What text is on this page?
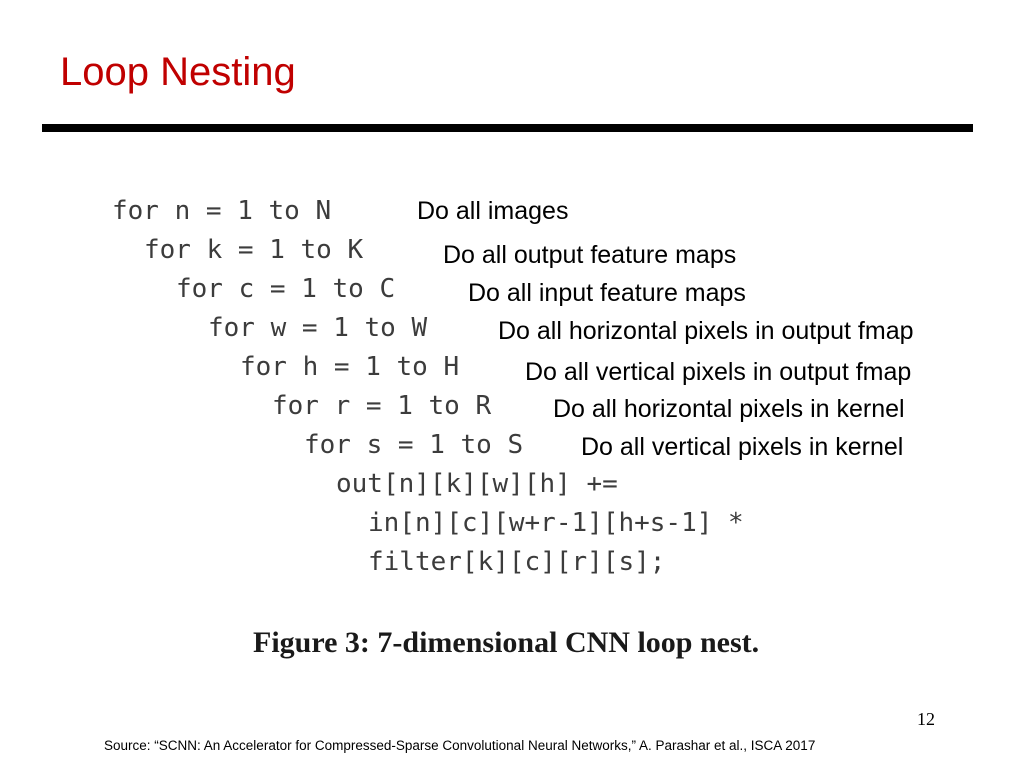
Loop Nesting
for n = 1 to N
for k = 1 to K
for c = 1 to C
for w = 1 to W
for h = 1 to H
for r = 1 to R
for s = 1 to S
out[n][k][w][h] +=
in[n][c][w+r-1][h+s-1] *
filter[k][c][r][s];
Figure 3: 7-dimensional CNN loop nest.
Do all images
Do all output feature maps
Do all input feature maps
Do all horizontal pixels in output fmap
Do all vertical pixels in output fmap
Do all horizontal pixels in kernel
Do all vertical pixels in kernel
12
Source: “SCNN: An Accelerator for Compressed-Sparse Convolutional Neural Networks,” A. Parashar et al., ISCA 2017
